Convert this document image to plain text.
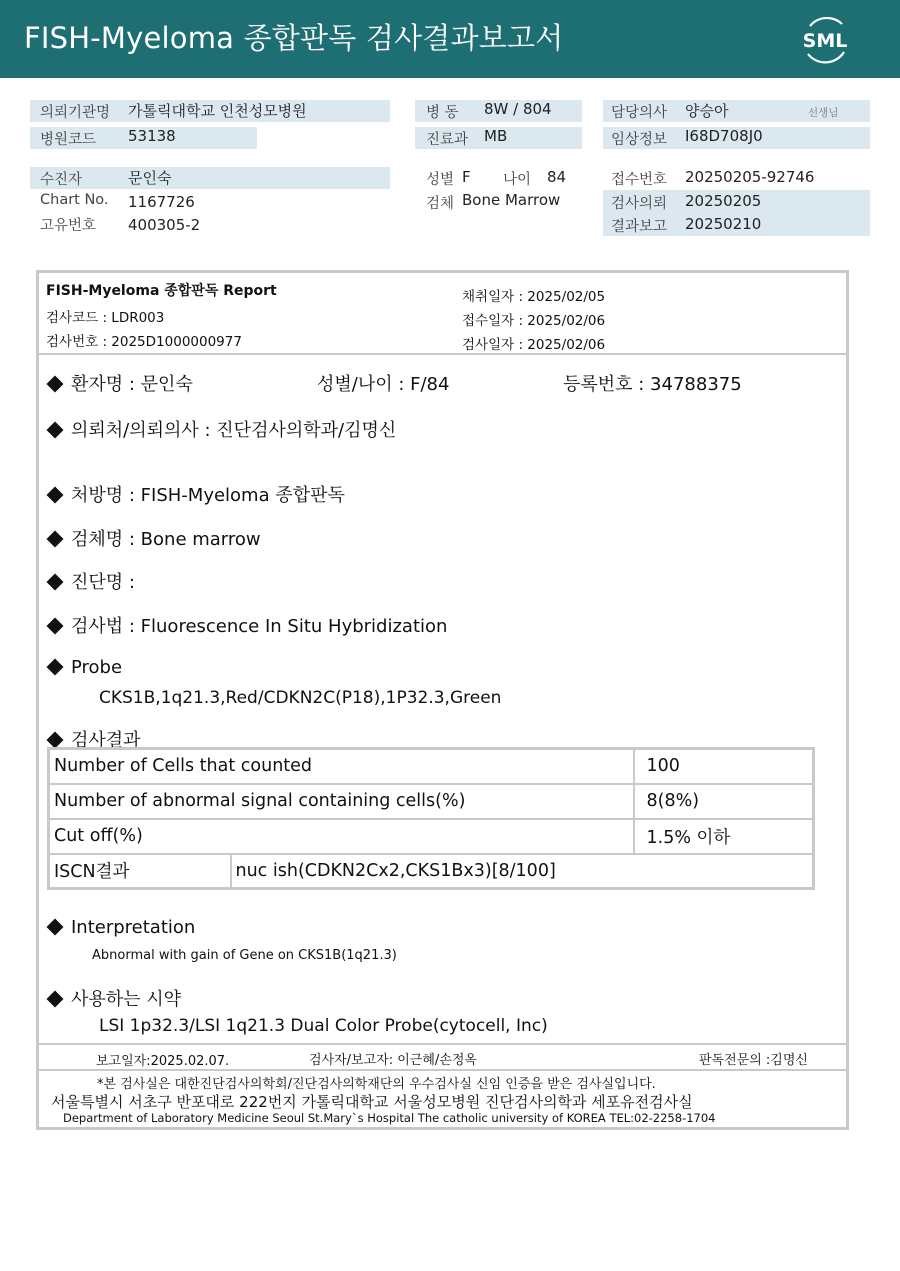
FISH-Myeloma 종합판독 검사결과보고서	SML
의뢰기관명 가톨릭대학교 인천성모병원
병원코드 53138
수진자	문인숙
Chart No. 1167726
고유번호 400305-2
병 동 8W / 804
진료과 MB
성별 F 나이 84
검체 Bone Marrow
담당의사 양승아	선생님
임상정보 I68D708J0
접수번호 20250205-92746
검사의뢰 20250205
결과보고 20250210
FISH-Myeloma 종합판독 Report
검사코드 : LDR003
검사번호 : 2025D1000000977
채취일자 : 2025/02/05
접수일자 : 2025/02/06
검사일자 : 2025/02/06
환자명 : 문인숙	성별/나이 : F/84	등록번호 : 34788375
의뢰처/의뢰의사 : 진단검사의학과/김명신
처방명 : FISH-Myeloma 종합판독
검체명 : Bone marrow
진단명 :
검사법 : Fluorescence In Situ Hybridization
Probe
CKS1B,1q21.3,Red/CDKN2C(P18),1P32.3,Green
검사결과
Number of Cells that counted		100
Number of abnormal signal containing cells(%)		8(8%)
Cut off(%)		1.5% 이하
ISCN결과	nuc ish(CDKN2Cx2,CKS1Bx3)[8/100]	
Interpretation
Abnormal with gain of Gene on CKS1B(1q21.3)
사용하는 시약
LSI 1p32.3/LSI 1q21.3 Dual Color Probe(cytocell, Inc)
보고일자:2025.02.07.	검사자/보고자: 이근혜/손정옥	판독전문의 :김명신
*본 검사실은 대한진단검사의학회/진단검사의학재단의 우수검사실 신임 인증을 받은 검사실입니다.
서울특별시 서초구 반포대로 222번지 가톨릭대학교 서울성모병원 진단검사의학과 세포유전검사실
Department of Laboratory Medicine Seoul St.Mary`s Hospital The catholic university of KOREA TEL:02-2258-1704
